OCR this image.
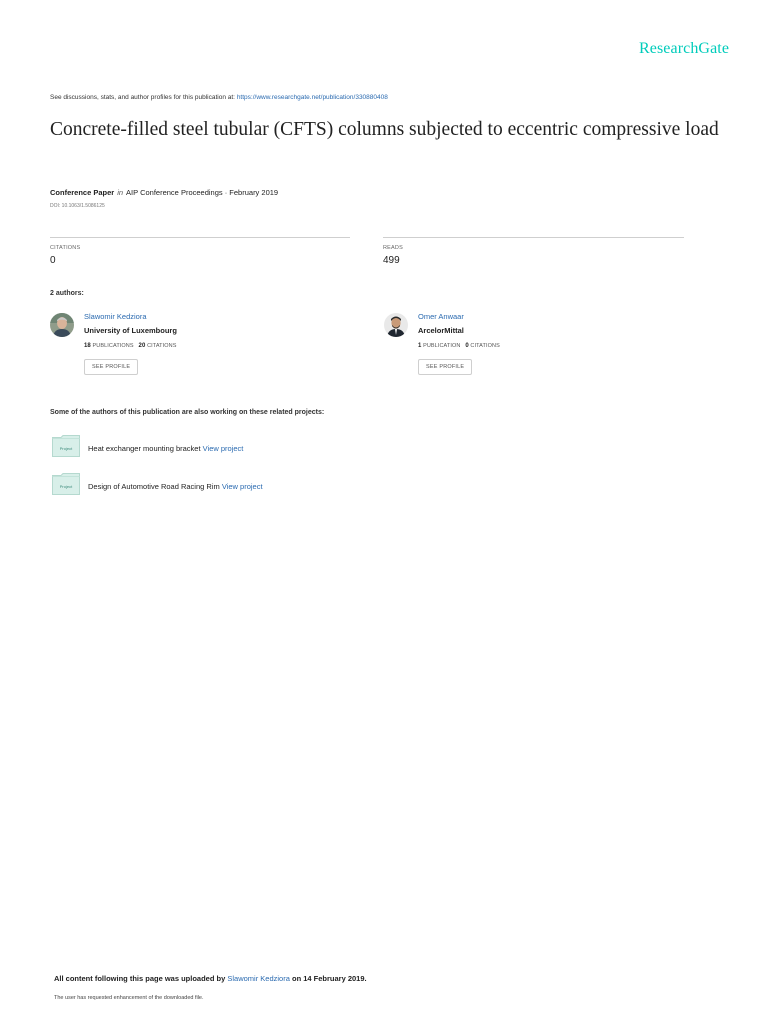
ResearchGate
See discussions, stats, and author profiles for this publication at: https://www.researchgate.net/publication/330880408
Concrete-filled steel tubular (CFTS) columns subjected to eccentric compressive load
Conference Paper in AIP Conference Proceedings · February 2019
DOI: 10.1063/1.5086125
CITATIONS
0
READS
499
2 authors:
Slawomir Kedziora
University of Luxembourg
18 PUBLICATIONS 20 CITATIONS
SEE PROFILE
Omer Anwaar
ArcelorMittal
1 PUBLICATION 0 CITATIONS
SEE PROFILE
Some of the authors of this publication are also working on these related projects:
Project Heat exchanger mounting bracket View project
Project Design of Automotive Road Racing Rim View project
All content following this page was uploaded by Slawomir Kedziora on 14 February 2019.
The user has requested enhancement of the downloaded file.
